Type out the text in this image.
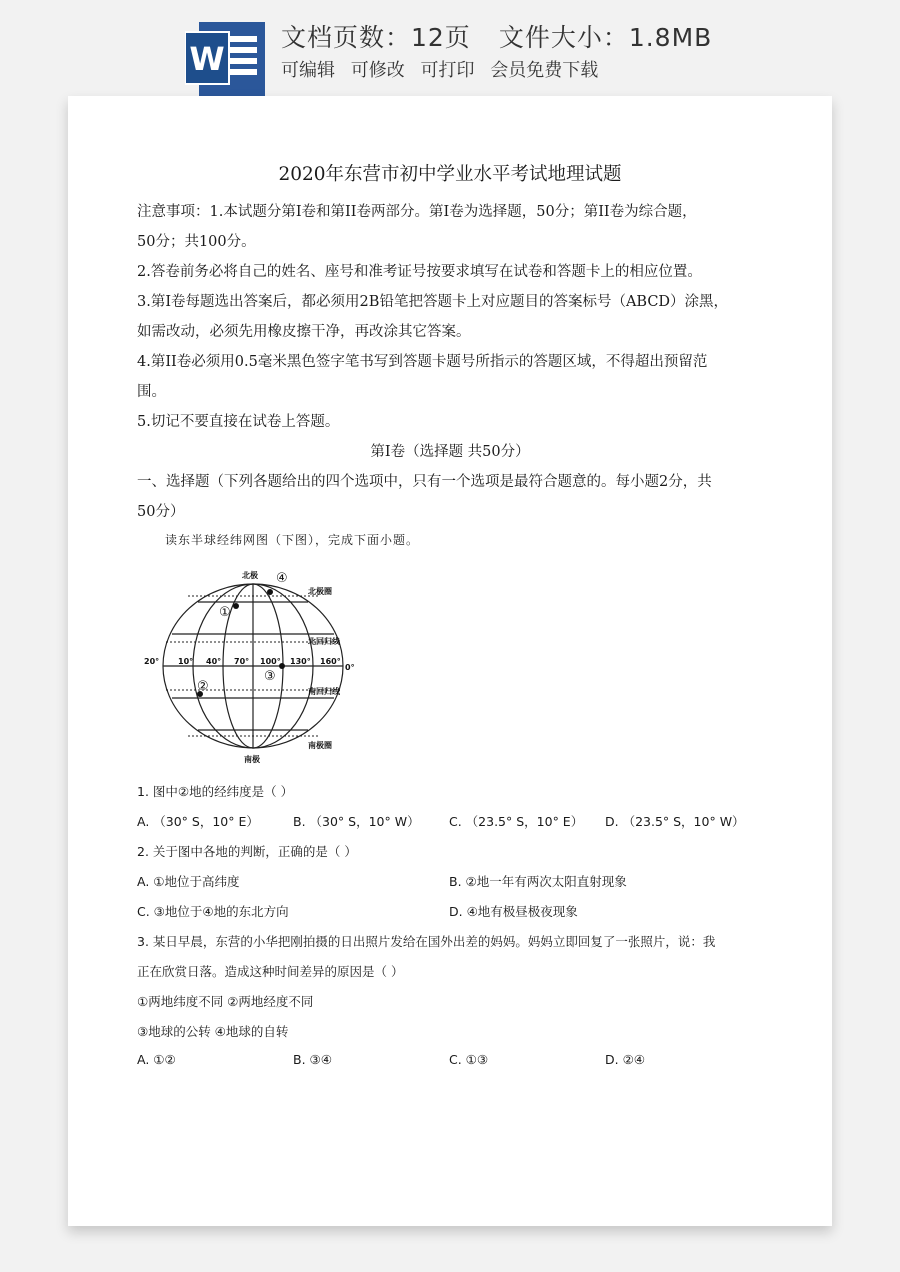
W
文档页数：12页 文件大小：1.8MB
可编辑 可修改 可打印 会员免费下载
2020年东营市初中学业水平考试地理试题
注意事项：1.本试题分第Ⅰ卷和第II卷两部分。第Ⅰ卷为选择题，50分；第II卷为综合题，
50分；共100分。
2.答卷前务必将自己的姓名、座号和准考证号按要求填写在试卷和答题卡上的相应位置。
3.第Ⅰ卷每题选出答案后，都必须用2B铅笔把答题卡上对应题目的答案标号（ABCD）涂黑，
如需改动，必须先用橡皮擦干净，再改涂其它答案。
4.第II卷必须用0.5毫米黑色签字笔书写到答题卡题号所指示的答题区域，不得超出预留范
围。
5.切记不要直接在试卷上答题。
第Ⅰ卷（选择题 共50分）
一、选择题（下列各题给出的四个选项中，只有一个选项是最符合题意的。每小题2分，共
50分）
读东半球经纬网图（下图），完成下面小题。
北极
南极
北极圈
南极圈
北回归线
南回归线
20° 10° 40° 70° 100° 130° 160°
0°
①
②
③
④
1. 图中②地的经纬度是（ ）
A. （30° S，10° E）	B. （30° S，10° W） C. （23.5° S，10° E） D. （23.5° S，10° W）
2. 关于图中各地的判断，正确的是（ ）
A. ①地位于高纬度	B. ②地一年有两次太阳直射现象
C. ③地位于④地的东北方向	D. ④地有极昼极夜现象
3. 某日早晨，东营的小华把刚拍摄的日出照片发给在国外出差的妈妈。妈妈立即回复了一张照片，说：我
正在欣赏日落。造成这种时间差异的原因是（ ）
①两地纬度不同 ②两地经度不同
③地球的公转 ④地球的自转
A. ①②	B. ③④	C. ①③	D. ②④
